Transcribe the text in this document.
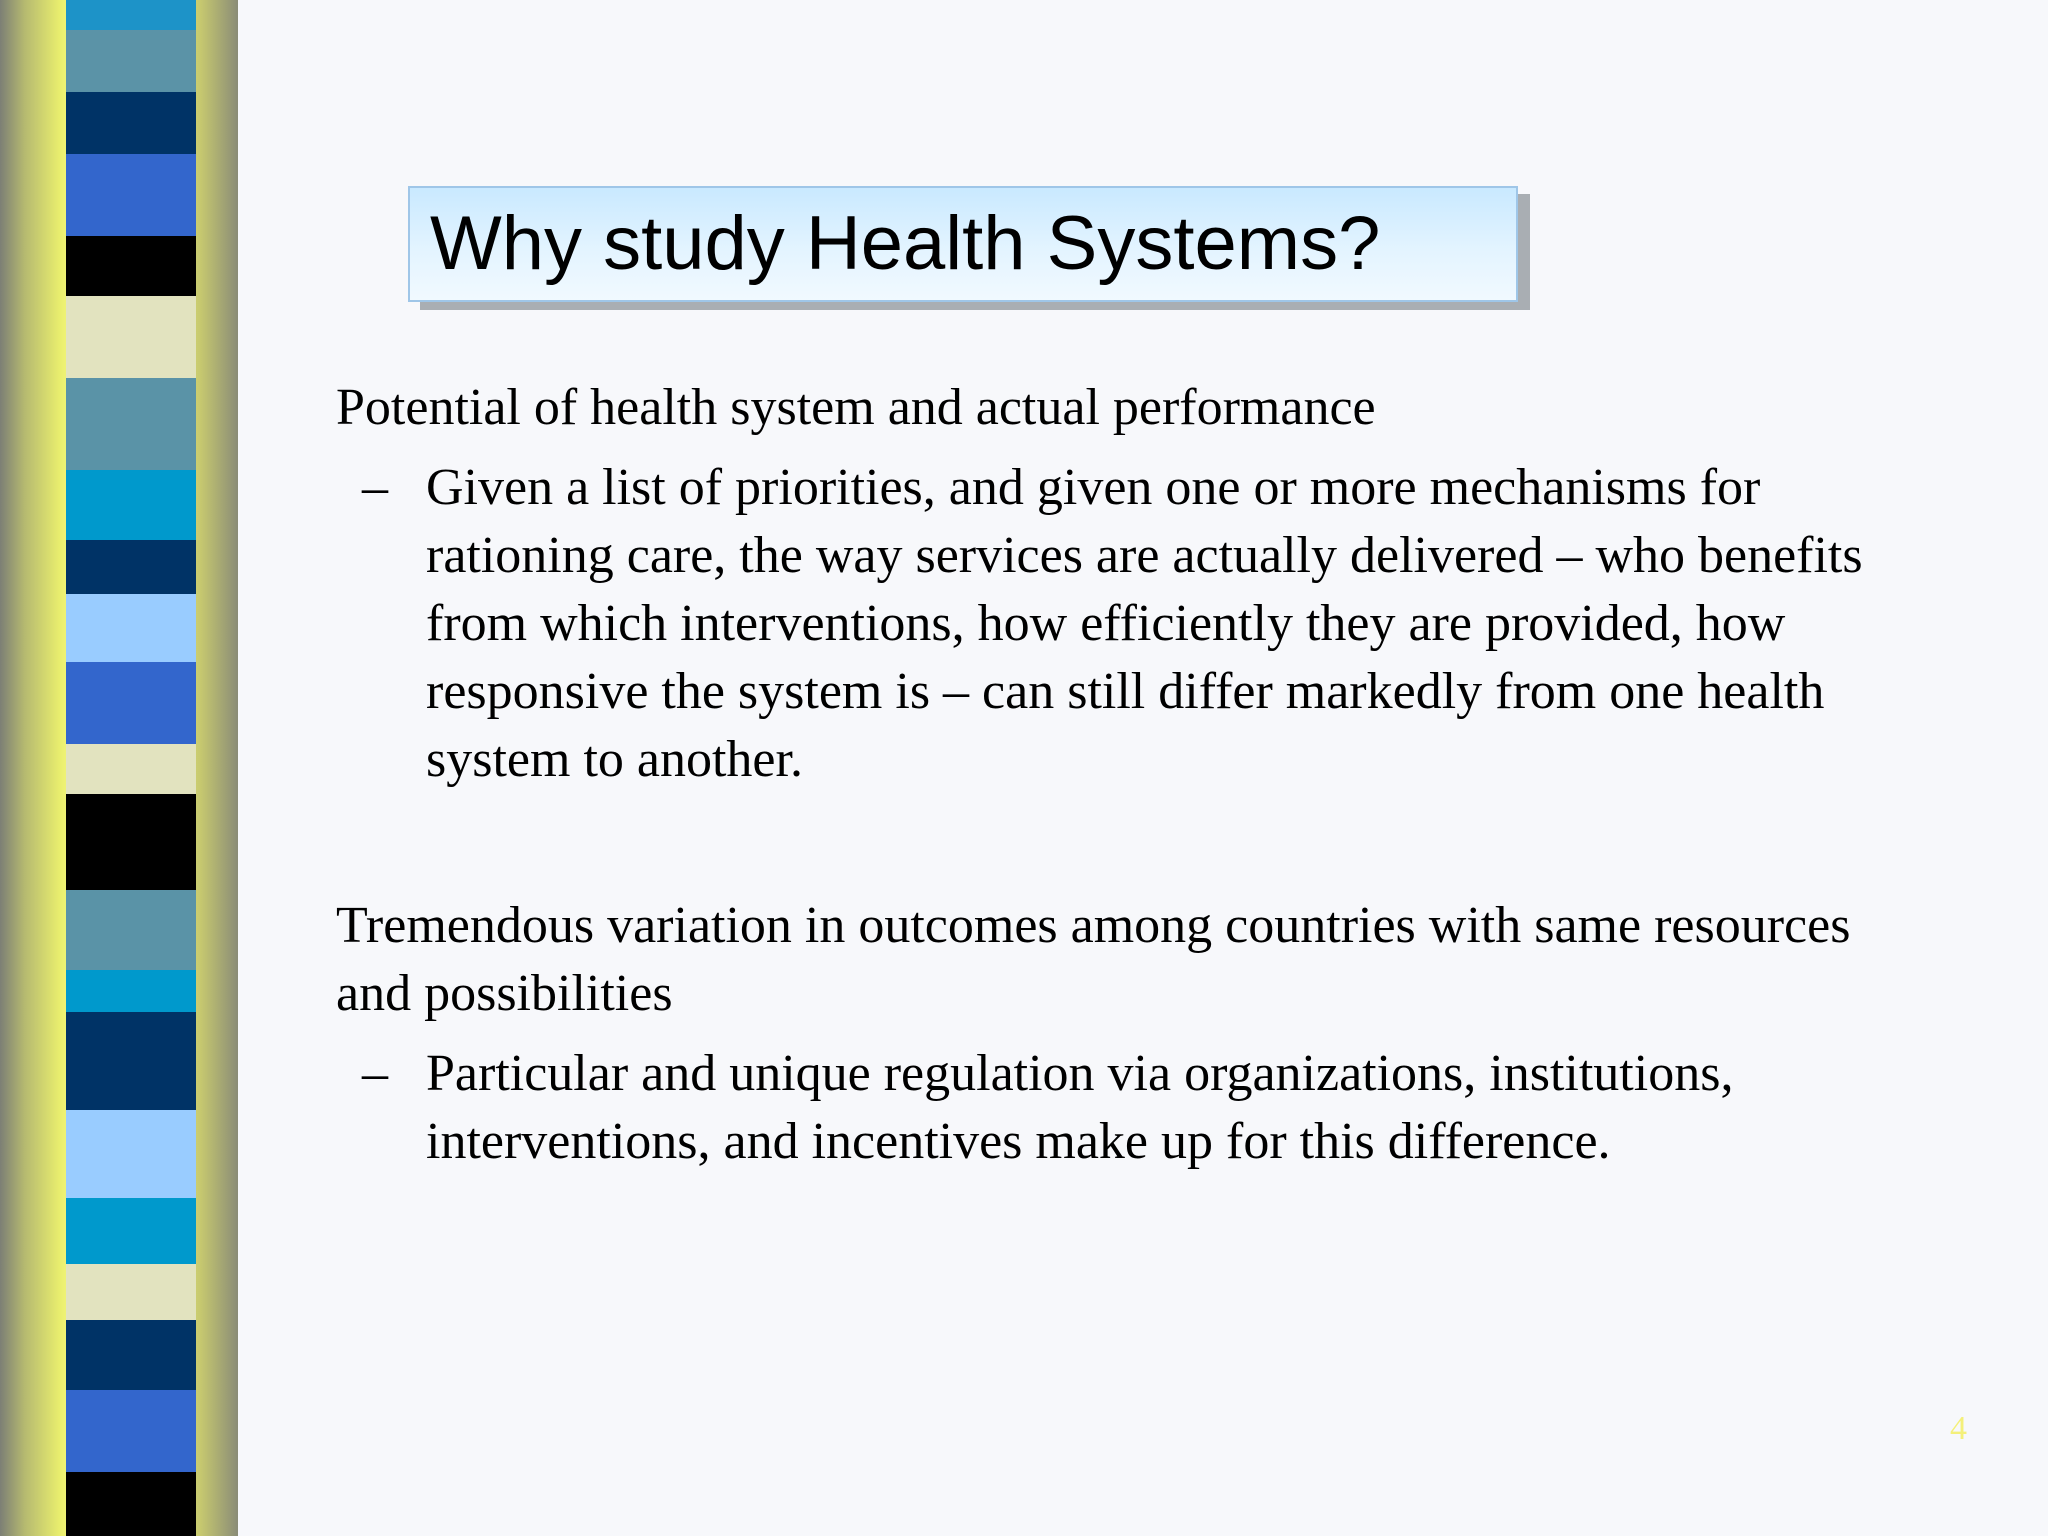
Why study Health Systems?

Potential of health system and actual performance

– Given a list of priorities, and given one or more mechanisms for rationing care, the way services are actually delivered – who benefits from which interventions, how efficiently they are provided, how responsive the system is – can still differ markedly from one health system to another.

Tremendous variation in outcomes among countries with same resources and possibilities

– Particular and unique regulation via organizations, institutions, interventions, and incentives make up for this difference.

4
